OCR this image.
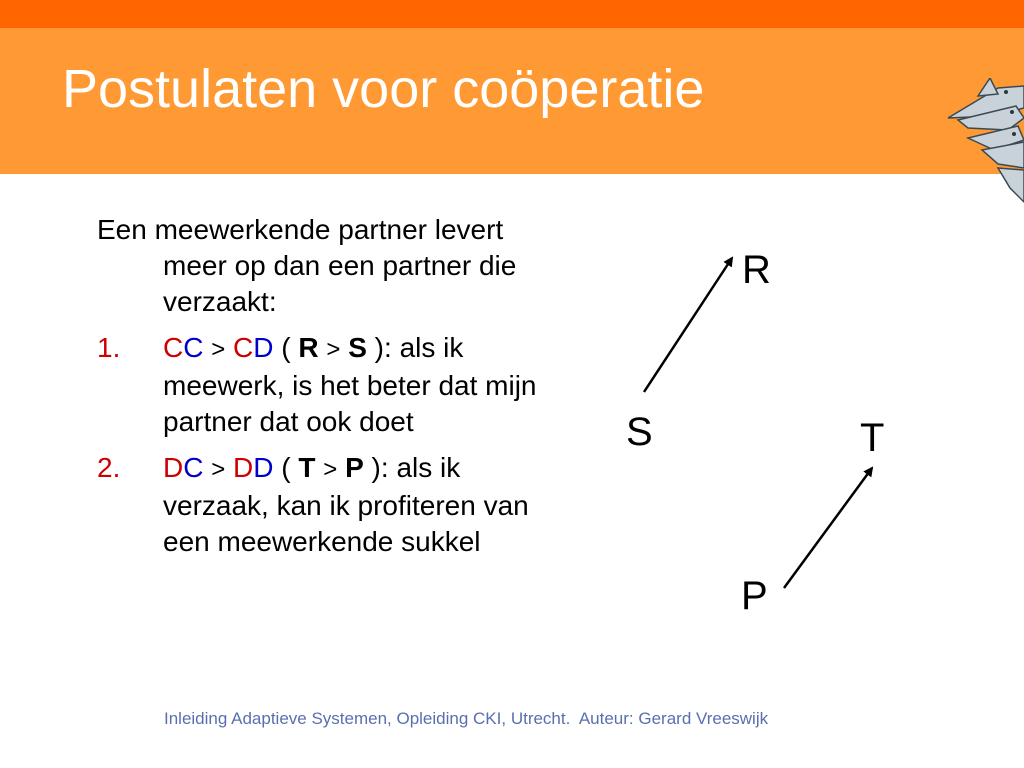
Postulaten voor coöperatie

Een meewerkende partner levert meer op dan een partner die verzaakt:

1. CC > CD ( R > S ): als ik meewerk, is het beter dat mijn partner dat ook doet
2. DC > DD ( T > P ): als ik verzaak, kan ik profiteren van een meewerkende sukkel
R
S	T
P
Inleiding Adaptieve Systemen, Opleiding CKI, Utrecht.  Auteur: Gerard Vreeswijk
